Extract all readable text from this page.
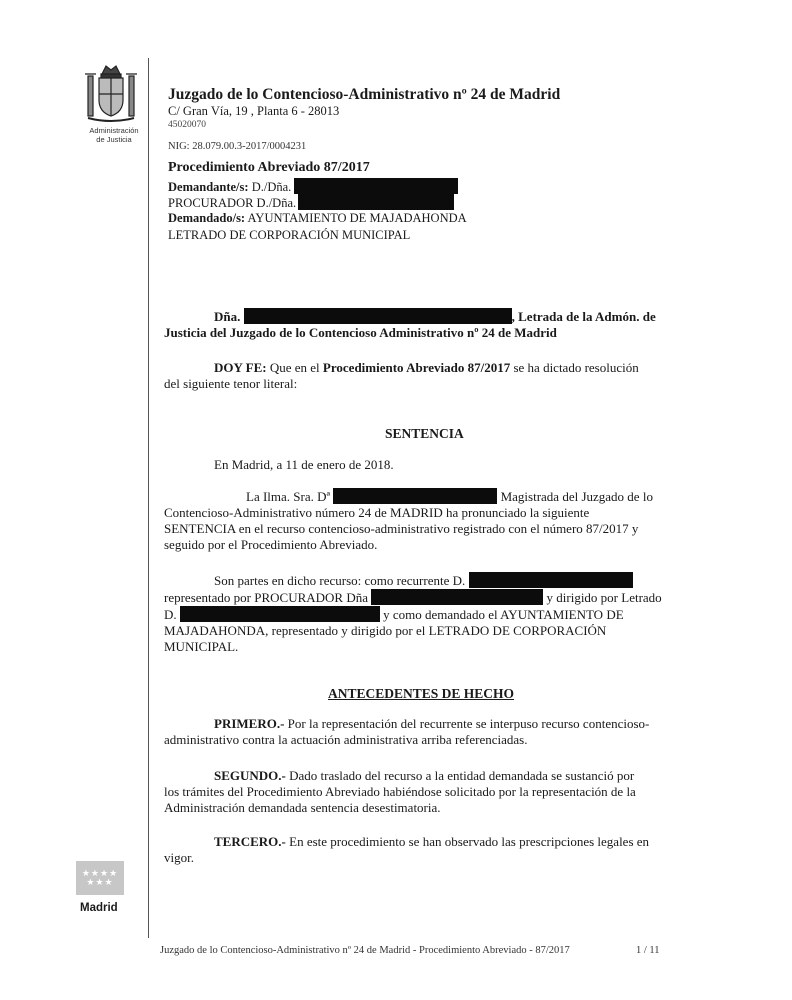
Administración
de Justicia
Juzgado de lo Contencioso-Administrativo nº 24 de Madrid
C/ Gran Vía, 19 , Planta 6 - 28013
45020070
NIG: 28.079.00.3-2017/0004231
Procedimiento Abreviado 87/2017
Demandante/s: D./Dña.
PROCURADOR D./Dña.
Demandado/s: AYUNTAMIENTO DE MAJADAHONDA
LETRADO DE CORPORACIÓN MUNICIPAL
Dña.	, Letrada de la Admón. de
Justicia del Juzgado de lo Contencioso Administrativo nº 24 de Madrid
DOY FE: Que en el Procedimiento Abreviado 87/2017 se ha dictado resolución
del siguiente tenor literal:
SENTENCIA
En Madrid, a 11 de enero de 2018.
La Ilma. Sra. Dª	Magistrada del Juzgado de lo
Contencioso-Administrativo número 24 de MADRID ha pronunciado la siguiente
SENTENCIA en el recurso contencioso-administrativo registrado con el número 87/2017 y
seguido por el Procedimiento Abreviado.
Son partes en dicho recurso: como recurrente D.
representado por PROCURADOR Dña	y dirigido por Letrado
D.	y como demandado el AYUNTAMIENTO DE
MAJADAHONDA, representado y dirigido por el LETRADO DE CORPORACIÓN
MUNICIPAL.
ANTECEDENTES DE HECHO
PRIMERO.- Por la representación del recurrente se interpuso recurso contencioso-
administrativo contra la actuación administrativa arriba referenciadas.
SEGUNDO.- Dado traslado del recurso a la entidad demandada se sustanció por
los trámites del Procedimiento Abreviado habiéndose solicitado por la representación de la
Administración demandada sentencia desestimatoria.
TERCERO.- En este procedimiento se han observado las prescripciones legales en
vigor.
★★★★
★★★
Madrid
Juzgado de lo Contencioso-Administrativo nº 24 de Madrid - Procedimiento Abreviado - 87/2017	1 / 11
